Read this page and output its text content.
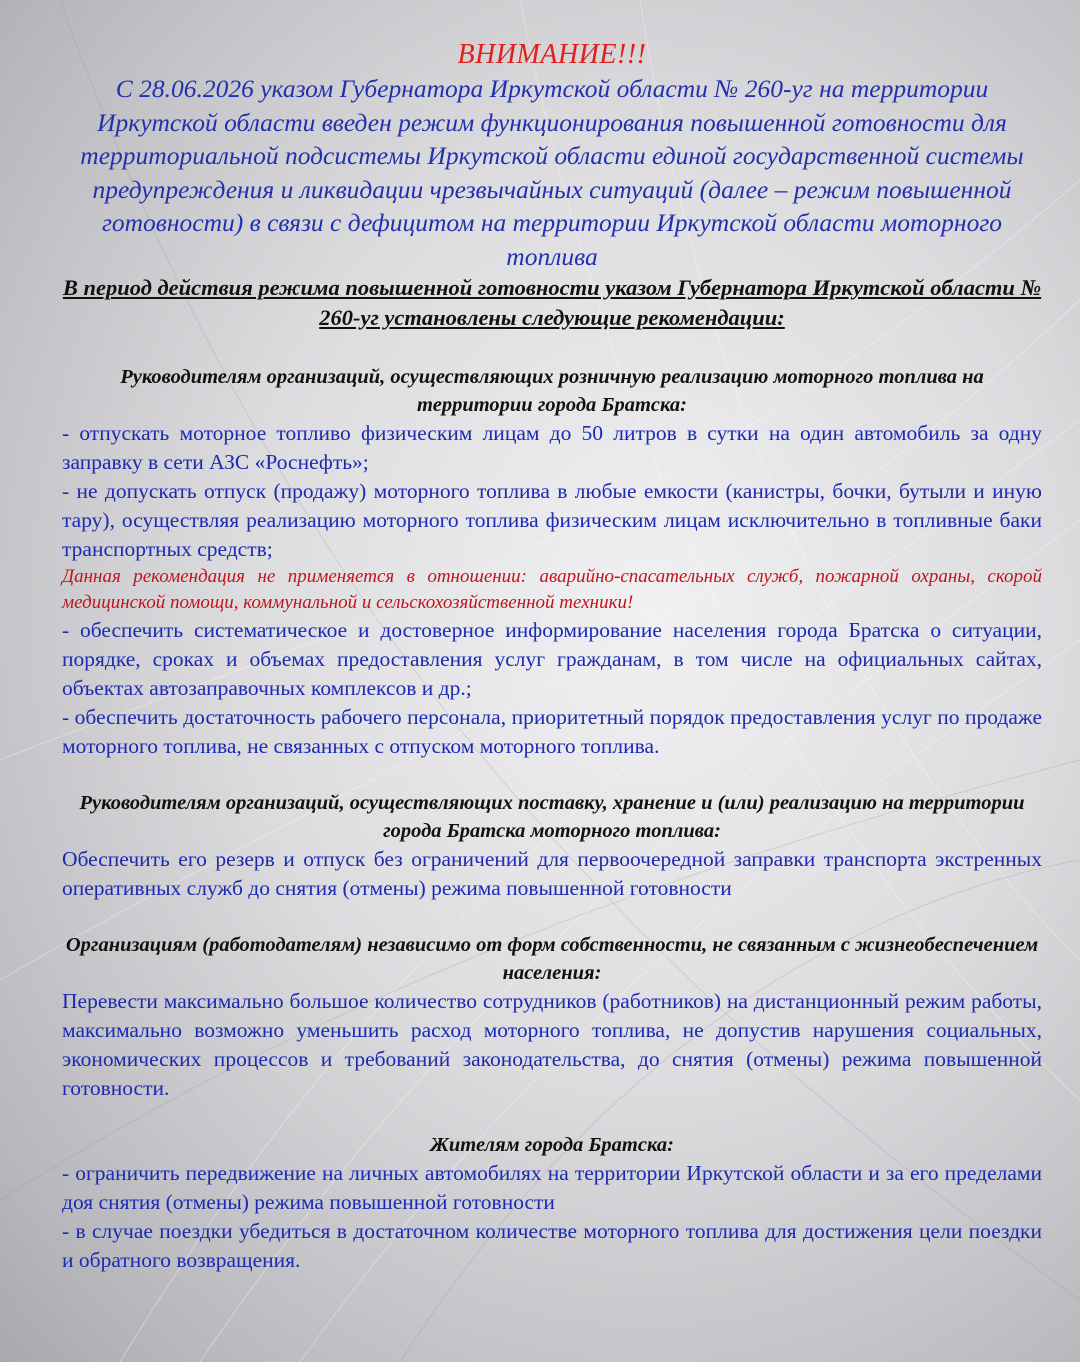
ВНИМАНИЕ!!!

С 28.06.2026 указом Губернатора Иркутской области № 260-уг на территории Иркутской области введен режим функционирования повышенной готовности для территориальной подсистемы Иркутской области единой государственной системы предупреждения и ликвидации чрезвычайных ситуаций (далее – режим повышенной готовности) в связи с дефицитом на территории Иркутской области моторного топлива

В период действия режима повышенной готовности указом Губернатора Иркутской области № 260-уг установлены следующие рекомендации:

Руководителям организаций, осуществляющих розничную реализацию моторного топлива на территории города Братска:

- отпускать моторное топливо физическим лицам до 50 литров в сутки на один автомобиль за одну заправку в сети АЗС «Роснефть»;

- не допускать отпуск (продажу) моторного топлива в любые емкости (канистры, бочки, бутыли и иную тару), осуществляя реализацию моторного топлива физическим лицам исключительно в топливные баки транспортных средств;

Данная рекомендация не применяется в отношении: аварийно-спасательных служб, пожарной охраны, скорой медицинской помощи, коммунальной и сельскохозяйственной техники!

- обеспечить систематическое и достоверное информирование населения города Братска о ситуации, порядке, сроках и объемах предоставления услуг гражданам, в том числе на официальных сайтах, объектах автозаправочных комплексов и др.;

- обеспечить достаточность рабочего персонала, приоритетный порядок предоставления услуг по продаже моторного топлива, не связанных с отпуском моторного топлива.

Руководителям организаций, осуществляющих поставку, хранение и (или) реализацию на территории города Братска моторного топлива:

Обеспечить его резерв и отпуск без ограничений для первоочередной заправки транспорта экстренных оперативных служб до снятия (отмены) режима повышенной готовности

Организациям (работодателям) независимо от форм собственности, не связанным с жизнеобеспечением населения:

Перевести максимально большое количество сотрудников (работников) на дистанционный режим работы, максимально возможно уменьшить расход моторного топлива, не допустив нарушения социальных, экономических процессов и требований законодательства, до снятия (отмены) режима повышенной готовности.

Жителям города Братска:

- ограничить передвижение на личных автомобилях на территории Иркутской области и за его пределами доя снятия (отмены) режима повышенной готовности

- в случае поездки убедиться в достаточном количестве моторного топлива для достижения цели поездки и обратного возвращения.
